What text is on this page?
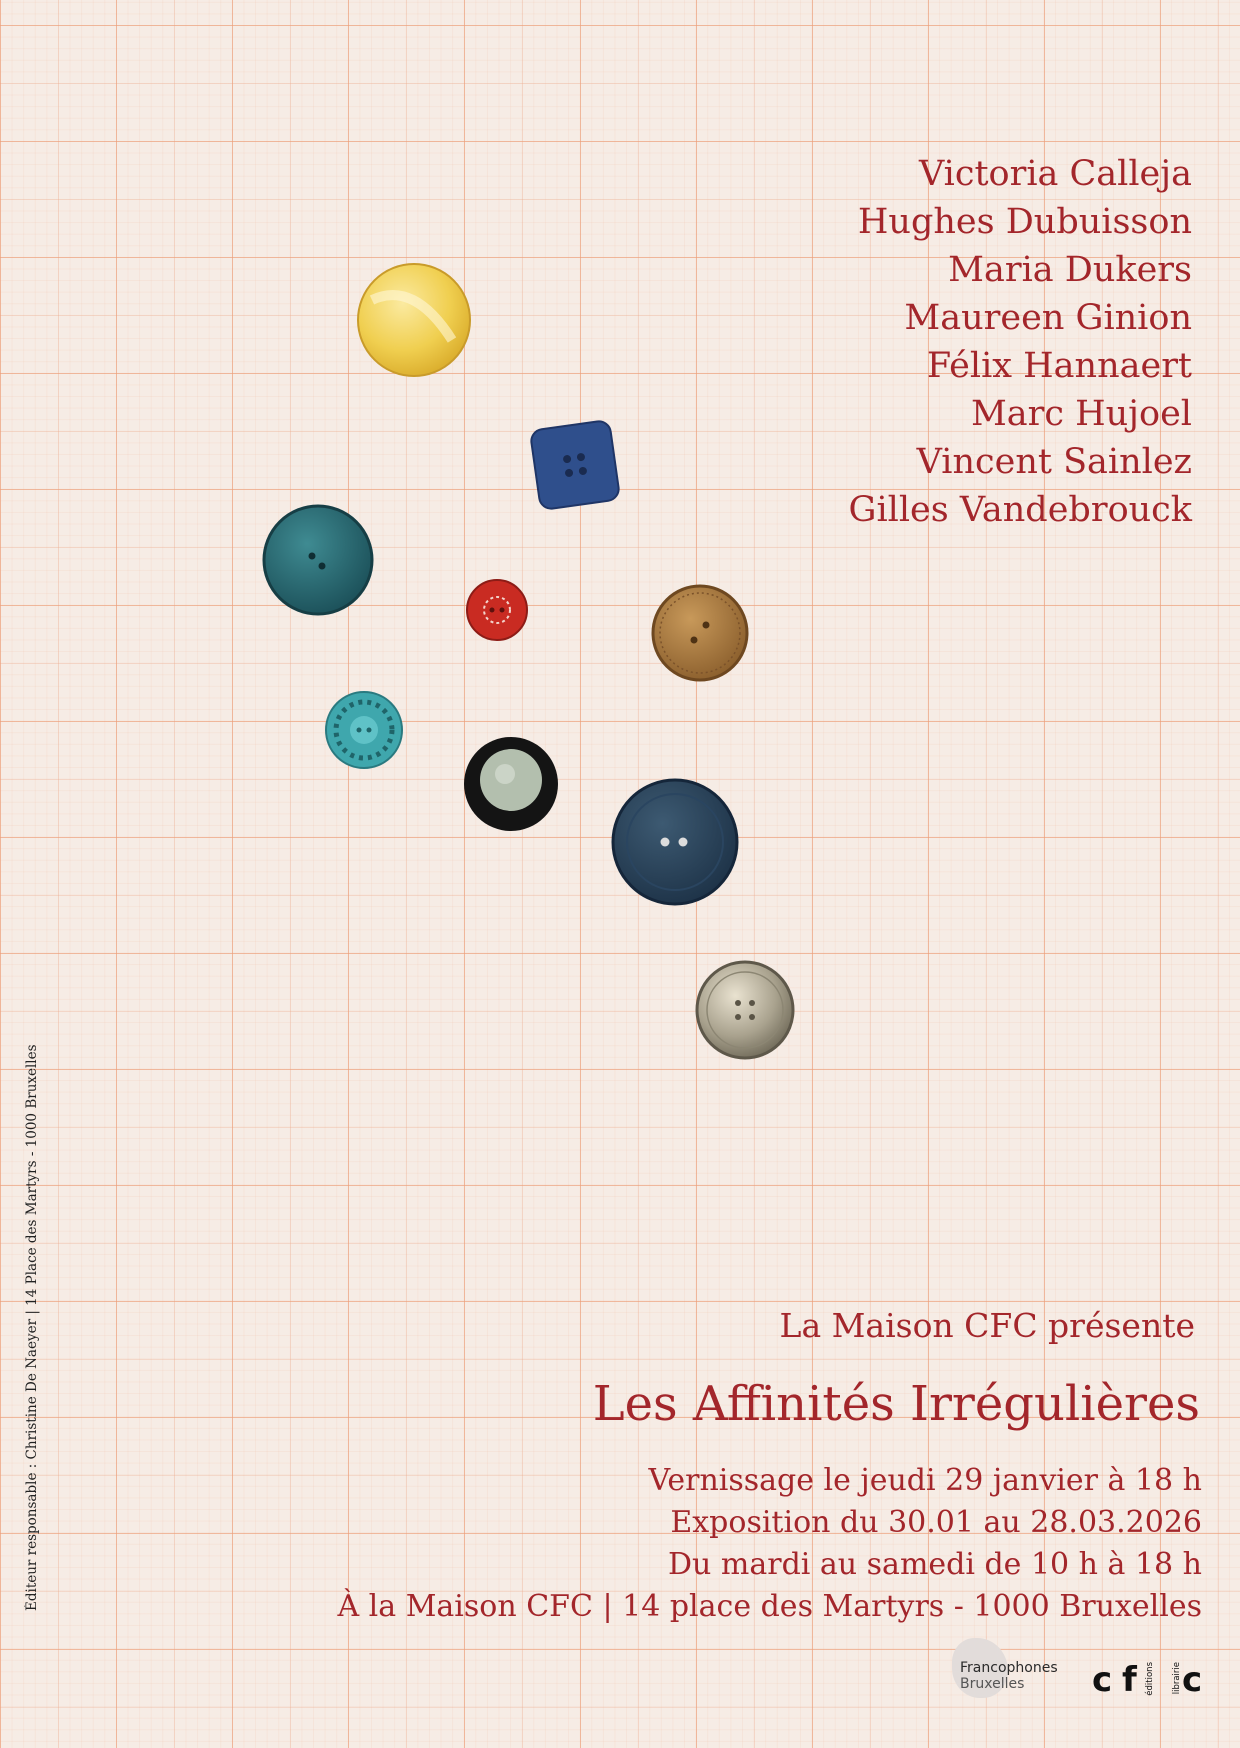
Victoria Calleja
Hughes Dubuisson
Maria Dukers
Maureen Ginion
Félix Hannaert
Marc Hujoel
Vincent Sainlez
Gilles Vandebrouck
La Maison CFC présente
Les Affinités Irrégulières
Vernissage le jeudi 29 janvier à 18 h
Exposition du 30.01 au 28.03.2026
Du mardi au samedi de 10 h à 18 h
À la Maison CFC | 14 place des Martyrs - 1000 Bruxelles
Éditeur responsable : Christine De Naeyer | 14 Place des Martyrs - 1000 Bruxelles
Francophones
Bruxelles c f éditions librairie c
